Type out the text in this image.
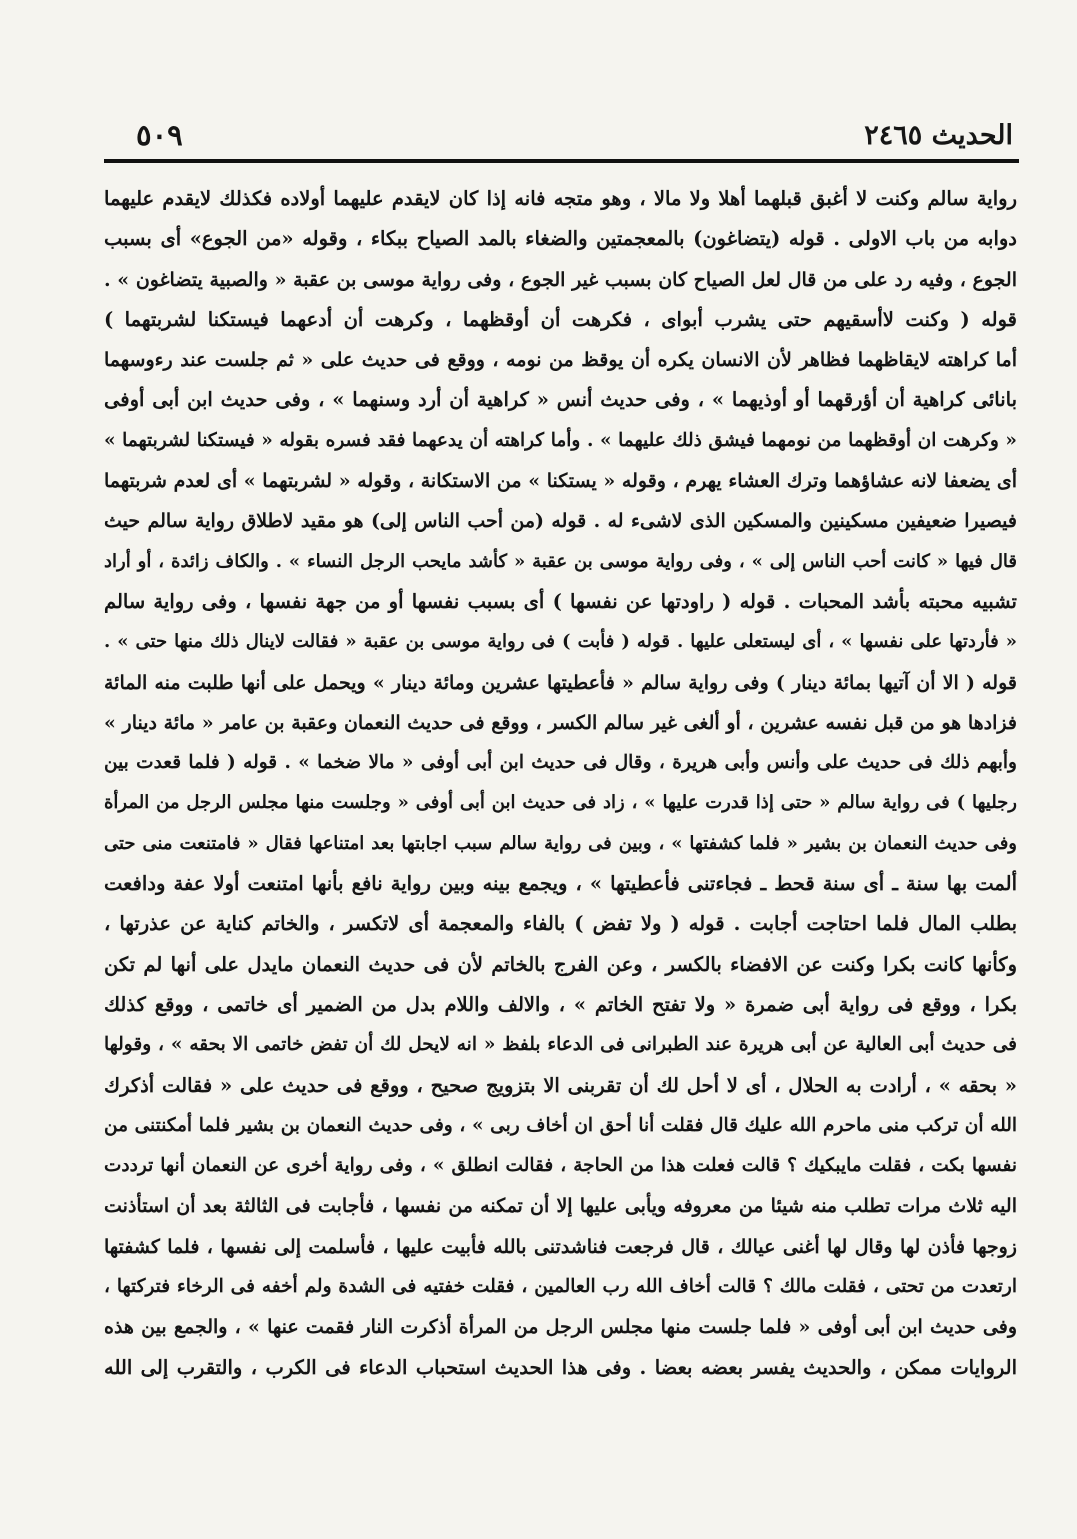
الحديث ٢٤٦٥
٥٠٩
رواية سالم وكنت لا أغبق قبلهما أهلا ولا مالا ، وهو متجه فانه إذا كان لايقدم عليهما أولاده فكذلك لايقدم عليهما
دوابه من باب الاولى . قوله (يتضاغون) بالمعجمتين والضغاء بالمد الصياح ببكاء ، وقوله «من الجوع» أى بسبب
الجوع ، وفيه رد على من قال لعل الصياح كان بسبب غير الجوع ، وفى رواية موسى بن عقبة « والصبية يتضاغون » .
قوله ( وكنت لاأسقيهم حتى يشرب أبواى ، فكرهت أن أوقظهما ، وكرهت أن أدعهما فيستكنا لشربتهما )
أما كراهته لايقاظهما فظاهر لأن الانسان يكره أن يوقظ من نومه ، ووقع فى حديث على « ثم جلست عند رءوسهما
بانائى كراهية أن أؤرقهما أو أوذيهما » ، وفى حديث أنس « كراهية أن أرد وسنهما » ، وفى حديث ابن أبى أوفى
« وكرهت ان أوقظهما من نومهما فيشق ذلك عليهما » . وأما كراهته أن يدعهما فقد فسره بقوله « فيستكنا لشربتهما »
أى يضعفا لانه عشاؤهما وترك العشاء يهرم ، وقوله « يستكنا » من الاستكانة ، وقوله « لشربتهما » أى لعدم شربتهما
فيصيرا ضعيفين مسكينين والمسكين الذى لاشىء له . قوله (من أحب الناس إلى) هو مقيد لاطلاق رواية سالم حيث
قال فيها « كانت أحب الناس إلى » ، وفى رواية موسى بن عقبة « كأشد مايحب الرجل النساء » . والكاف زائدة ، أو أراد
تشبيه محبته بأشد المحبات . قوله ( راودتها عن نفسها ) أى بسبب نفسها أو من جهة نفسها ، وفى رواية سالم
« فأردتها على نفسها » ، أى ليستعلى عليها . قوله ( فأبت ) فى رواية موسى بن عقبة « فقالت لاينال ذلك منها حتى » .
قوله ( الا أن آتيها بمائة دينار ) وفى رواية سالم « فأعطيتها عشرين ومائة دينار » ويحمل على أنها طلبت منه المائة
فزادها هو من قبل نفسه عشرين ، أو ألغى غير سالم الكسر ، ووقع فى حديث النعمان وعقبة بن عامر « مائة دينار »
وأبهم ذلك فى حديث على وأنس وأبى هريرة ، وقال فى حديث ابن أبى أوفى « مالا ضخما » . قوله ( فلما قعدت بين
رجليها ) فى رواية سالم « حتى إذا قدرت عليها » ، زاد فى حديث ابن أبى أوفى « وجلست منها مجلس الرجل من المرأة
وفى حديث النعمان بن بشير « فلما كشفتها » ، وبين فى رواية سالم سبب اجابتها بعد امتناعها فقال « فامتنعت منى حتى
ألمت بها سنة ـ أى سنة قحط ـ فجاءتنى فأعطيتها » ، ويجمع بينه وبين رواية نافع بأنها امتنعت أولا عفة ودافعت
بطلب المال فلما احتاجت أجابت . قوله ( ولا تفض ) بالفاء والمعجمة أى لاتكسر ، والخاتم كناية عن عذرتها ،
وكأنها كانت بكرا وكنت عن الافضاء بالكسر ، وعن الفرج بالخاتم لأن فى حديث النعمان مايدل على أنها لم تكن
بكرا ، ووقع فى رواية أبى ضمرة « ولا تفتح الخاتم » ، والالف واللام بدل من الضمير أى خاتمى ، ووقع كذلك
فى حديث أبى العالية عن أبى هريرة عند الطبرانى فى الدعاء بلفظ « انه لايحل لك أن تفض خاتمى الا بحقه » ، وقولها
« بحقه » ، أرادت به الحلال ، أى لا أحل لك أن تقربنى الا بتزويج صحيح ، ووقع فى حديث على « فقالت أذكرك
الله أن تركب منى ماحرم الله عليك قال فقلت أنا أحق ان أخاف ربى » ، وفى حديث النعمان بن بشير فلما أمكنتنى من
نفسها بكت ، فقلت مايبكيك ؟ قالت فعلت هذا من الحاجة ، فقالت انطلق » ، وفى رواية أخرى عن النعمان أنها ترددت
اليه ثلاث مرات تطلب منه شيئا من معروفه ويأبى عليها إلا أن تمكنه من نفسها ، فأجابت فى الثالثة بعد أن استأذنت
زوجها فأذن لها وقال لها أغنى عيالك ، قال فرجعت فناشدتنى بالله فأبيت عليها ، فأسلمت إلى نفسها ، فلما كشفتها
ارتعدت من تحتى ، فقلت مالك ؟ قالت أخاف الله رب العالمين ، فقلت خفتيه فى الشدة ولم أخفه فى الرخاء فتركتها ،
وفى حديث ابن أبى أوفى « فلما جلست منها مجلس الرجل من المرأة أذكرت النار فقمت عنها » ، والجمع بين هذه
الروايات ممكن ، والحديث يفسر بعضه بعضا . وفى هذا الحديث استحباب الدعاء فى الكرب ، والتقرب إلى الله
